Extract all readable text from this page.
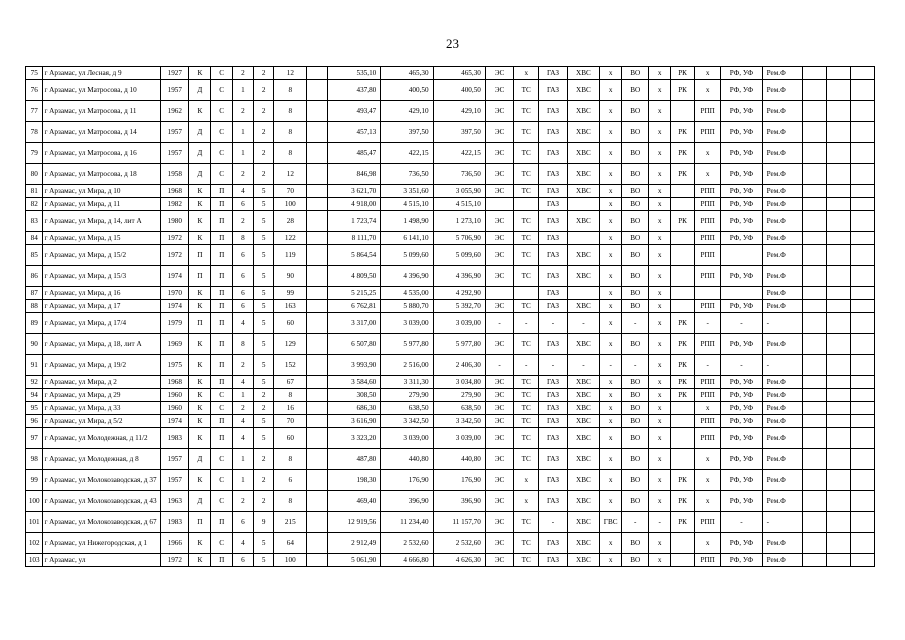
23
75	г Арзамас, ул Лесная, д 9	1927	К	С	2	2	12		535,10	465,30	465,30	ЭС	х	ГАЗ	ХВС	х	ВО	х	РК	х	РФ, УФ	Рем.Ф			
76	г Арзамас, ул Матросова, д 10	1957	Д	С	1	2	8		437,80	400,50	400,50	ЭС	ТС	ГАЗ	ХВС	х	ВО	х	РК	х	РФ, УФ	Рем.Ф			
77	г Арзамас, ул Матросова, д 11	1962	К	С	2	2	8		493,47	429,10	429,10	ЭС	ТС	ГАЗ	ХВС	х	ВО	х		РПП	РФ, УФ	Рем.Ф			
78	г Арзамас, ул Матросова, д 14	1957	Д	С	1	2	8		457,13	397,50	397,50	ЭС	ТС	ГАЗ	ХВС	х	ВО	х	РК	РПП	РФ, УФ	Рем.Ф			
79	г Арзамас, ул Матросова, д 16	1957	Д	С	1	2	8		485,47	422,15	422,15	ЭС	ТС	ГАЗ	ХВС	х	ВО	х	РК	х	РФ, УФ	Рем.Ф			
80	г Арзамас, ул Матросова, д 18	1958	Д	С	2	2	12		846,98	736,50	736,50	ЭС	ТС	ГАЗ	ХВС	х	ВО	х	РК	х	РФ, УФ	Рем.Ф			
81	г Арзамас, ул Мира, д 10	1968	К	П	4	5	70		3 621,70	3 351,60	3 055,90	ЭС	ТС	ГАЗ	ХВС	х	ВО	х		РПП	РФ, УФ	Рем.Ф			
82	г Арзамас, ул Мира, д 11	1982	К	П	6	5	100		4 918,00	4 515,10	4 515,10			ГАЗ		х	ВО	х		РПП	РФ, УФ	Рем.Ф			
83	г Арзамас, ул Мира, д 14, лит А	1980	К	П	2	5	28		1 723,74	1 498,90	1 273,10	ЭС	ТС	ГАЗ	ХВС	х	ВО	х	РК	РПП	РФ, УФ	Рем.Ф			
84	г Арзамас, ул Мира, д 15	1972	К	П	8	5	122		8 111,70	6 141,10	5 706,90	ЭС	ТС	ГАЗ		х	ВО	х		РПП	РФ, УФ	Рем.Ф			
85	г Арзамас, ул Мира, д 15/2	1972	П	П	6	5	119		5 864,54	5 099,60	5 099,60	ЭС	ТС	ГАЗ	ХВС	х	ВО	х		РПП		Рем.Ф			
86	г Арзамас, ул Мира, д 15/3	1974	П	П	6	5	90		4 809,50	4 396,90	4 396,90	ЭС	ТС	ГАЗ	ХВС	х	ВО	х		РПП	РФ, УФ	Рем.Ф			
87	г Арзамас, ул Мира, д 16	1970	К	П	6	5	99		5 215,25	4 535,00	4 292,90			ГАЗ		х	ВО	х				Рем.Ф			
88	г Арзамас, ул Мира, д 17	1974	К	П	6	5	163		6 762,81	5 880,70	5 392,70	ЭС	ТС	ГАЗ	ХВС	х	ВО	х		РПП	РФ, УФ	Рем.Ф			
89	г Арзамас, ул Мира, д 17/4	1979	П	П	4	5	60		3 317,00	3 039,00	3 039,00	-	-	-	-	х	-	х	РК	-	-	-			
90	г Арзамас, ул Мира, д 18, лит А	1969	К	П	8	5	129		6 507,80	5 977,80	5 977,80	ЭС	ТС	ГАЗ	ХВС	х	ВО	х	РК	РПП	РФ, УФ	Рем.Ф			
91	г Арзамас, ул Мира, д 19/2	1975	К	П	2	5	152		3 993,90	2 516,00	2 406,30	-	-	-	-	-	-	х	РК	-	-	-			
92	г Арзамас, ул Мира, д 2	1968	К	П	4	5	67		3 584,60	3 311,30	3 034,80	ЭС	ТС	ГАЗ	ХВС	х	ВО	х	РК	РПП	РФ, УФ	Рем.Ф			
94	г Арзамас, ул Мира, д 29	1960	К	С	1	2	8		308,50	279,90	279,90	ЭС	ТС	ГАЗ	ХВС	х	ВО	х	РК	РПП	РФ, УФ	Рем.Ф			
95	г Арзамас, ул Мира, д 33	1960	К	С	2	2	16		686,30	638,50	638,50	ЭС	ТС	ГАЗ	ХВС	х	ВО	х		х	РФ, УФ	Рем.Ф			
96	г Арзамас, ул Мира, д 5/2	1974	К	П	4	5	70		3 616,90	3 342,50	3 342,50	ЭС	ТС	ГАЗ	ХВС	х	ВО	х		РПП	РФ, УФ	Рем.Ф			
97	г Арзамас, ул Молодежная, д 11/2	1983	К	П	4	5	60		3 323,20	3 039,00	3 039,00	ЭС	ТС	ГАЗ	ХВС	х	ВО	х		РПП	РФ, УФ	Рем.Ф			
98	г Арзамас, ул Молодежная, д 8	1957	Д	С	1	2	8		487,80	440,80	440,80	ЭС	ТС	ГАЗ	ХВС	х	ВО	х		х	РФ, УФ	Рем.Ф			
99	г Арзамас, ул Молокозаводская, д 37	1957	К	С	1	2	6		198,30	176,90	176,90	ЭС	х	ГАЗ	ХВС	х	ВО	х	РК	х	РФ, УФ	Рем.Ф			
100	г Арзамас, ул Молокозаводская, д 43	1963	Д	С	2	2	8		469,40	396,90	396,90	ЭС	х	ГАЗ	ХВС	х	ВО	х	РК	х	РФ, УФ	Рем.Ф			
101	г Арзамас, ул Молокозаводская, д 67	1983	П	П	6	9	215		12 919,56	11 234,40	11 157,70	ЭС	ТС	-	ХВС	ГВС	-	-	РК	РПП	-	-			
102	г Арзамас, ул Нижегородская, д 1	1966	К	С	4	5	64		2 912,49	2 532,60	2 532,60	ЭС	ТС	ГАЗ	ХВС	х	ВО	х		х	РФ, УФ	Рем.Ф			
103	г Арзамас, ул	1972	К	П	6	5	100		5 061,90	4 666,80	4 626,30	ЭС	ТС	ГАЗ	ХВС	х	ВО	х		РПП	РФ, УФ	Рем.Ф			
